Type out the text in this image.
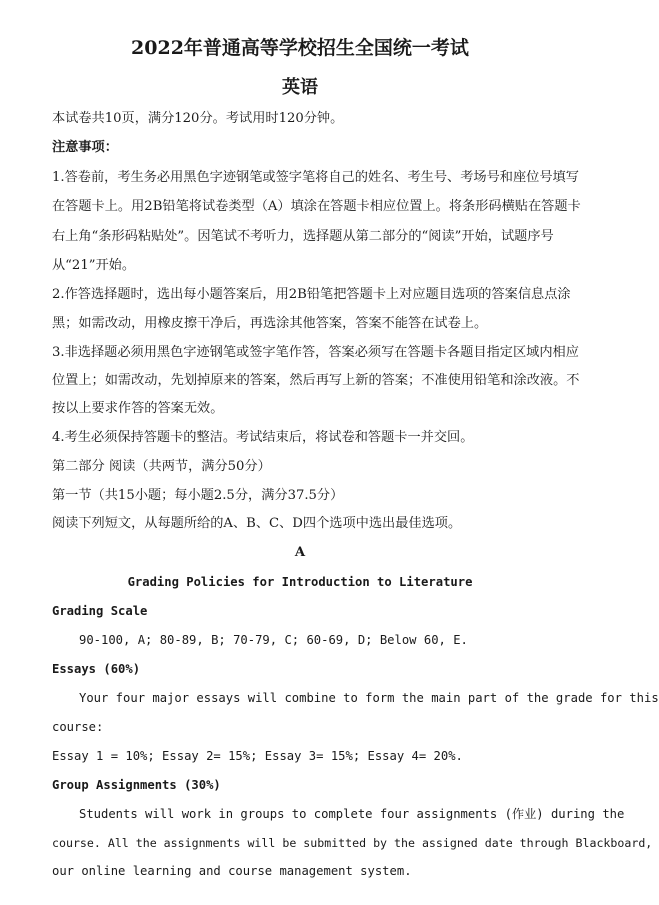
2022年普通高等学校招生全国统一考试
英语
本试卷共10页，满分120分。考试用时120分钟。
注意事项：
1.答卷前，考生务必用黑色字迹钢笔或签字笔将自己的姓名、考生号、考场号和座位号填写
在答题卡上。用2B铅笔将试卷类型（A）填涂在答题卡相应位置上。将条形码横贴在答题卡
右上角“条形码粘贴处”。因笔试不考听力，选择题从第二部分的“阅读”开始，试题序号
从“21”开始。
2.作答选择题时，选出每小题答案后，用2B铅笔把答题卡上对应题目选项的答案信息点涂
黑；如需改动，用橡皮擦干净后，再选涂其他答案，答案不能答在试卷上。
3.非选择题必须用黑色字迹钢笔或签字笔作答，答案必须写在答题卡各题目指定区域内相应
位置上；如需改动，先划掉原来的答案，然后再写上新的答案；不准使用铅笔和涂改液。不
按以上要求作答的答案无效。
4.考生必须保持答题卡的整洁。考试结束后，将试卷和答题卡一并交回。
第二部分 阅读（共两节，满分50分）
第一节（共15小题；每小题2.5分，满分37.5分）
阅读下列短文，从每题所给的A、B、C、D四个选项中选出最佳选项。
A
Grading Policies for Introduction to Literature
Grading Scale
90-100, A; 80-89, B; 70-79, C; 60-69, D; Below 60, E.
Essays (60%)
Your four major essays will combine to form the main part of the grade for this
course:
Essay 1 = 10%; Essay 2= 15%; Essay 3= 15%; Essay 4= 20%.
Group Assignments (30%)
Students will work in groups to complete four assignments (作业) during the
course. All the assignments will be submitted by the assigned date through Blackboard,
our online learning and course management system.
